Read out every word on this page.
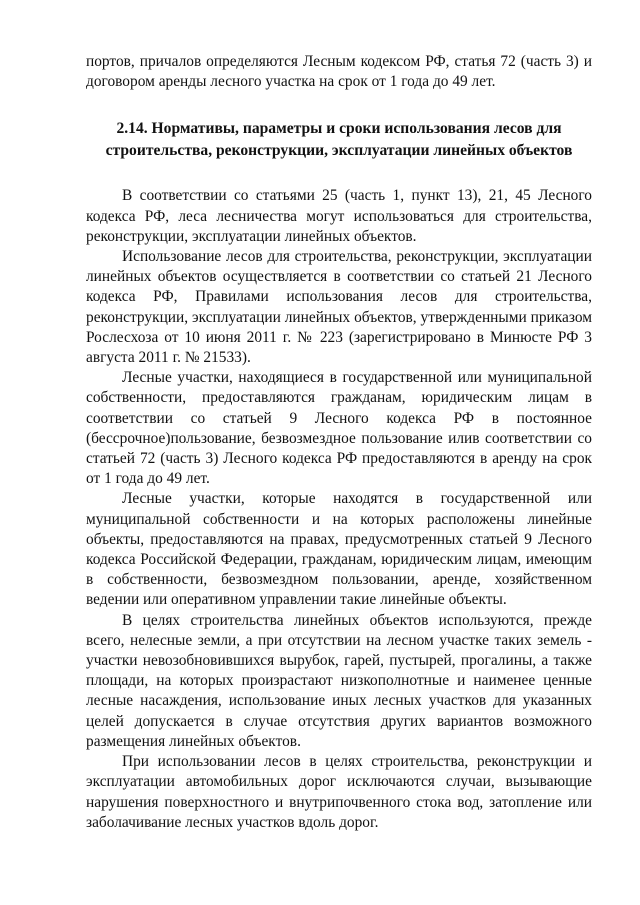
портов, причалов определяются Лесным кодексом РФ, статья 72 (часть 3) и договором аренды лесного участка на срок от 1 года до 49 лет.

2.14. Нормативы, параметры и сроки использования лесов для
строительства, реконструкции, эксплуатации линейных объектов

В соответствии со статьями 25 (часть 1, пункт 13), 21, 45 Лесного кодекса РФ, леса лесничества могут использоваться для строительства, реконструкции, эксплуатации линейных объектов.

Использование лесов для строительства, реконструкции, эксплуатации линейных объектов осуществляется в соответствии со статьей 21 Лесного кодекса РФ, Правилами использования лесов для строительства, реконструкции, эксплуатации линейных объектов, утвержденными приказом Рослесхоза от 10 июня 2011 г. № 223 (зарегистрировано в Минюсте РФ 3 августа 2011 г. № 21533).

Лесные участки, находящиеся в государственной или муниципальной собственности, предоставляются гражданам, юридическим лицам в соответствии со статьей 9 Лесного кодекса РФ в постоянное (бессрочное)пользование, безвозмездное пользование илив соответствии со статьей 72 (часть 3) Лесного кодекса РФ предоставляются в аренду на срок от 1 года до 49 лет.

Лесные участки, которые находятся в государственной или муниципальной собственности и на которых расположены линейные объекты, предоставляются на правах, предусмотренных статьей 9 Лесного кодекса Российской Федерации, гражданам, юридическим лицам, имеющим в собственности, безвозмездном пользовании, аренде, хозяйственном ведении или оперативном управлении такие линейные объекты.

В целях строительства линейных объектов используются, прежде всего, нелесные земли, а при отсутствии на лесном участке таких земель - участки невозобновившихся вырубок, гарей, пустырей, прогалины, а также площади, на которых произрастают низкополнотные и наименее ценные лесные насаждения, использование иных лесных участков для указанных целей допускается в случае отсутствия других вариантов возможного размещения линейных объектов.

При использовании лесов в целях строительства, реконструкции и эксплуатации автомобильных дорог исключаются случаи, вызывающие нарушения поверхностного и внутрипочвенного стока вод, затопление или заболачивание лесных участков вдоль дорог.
